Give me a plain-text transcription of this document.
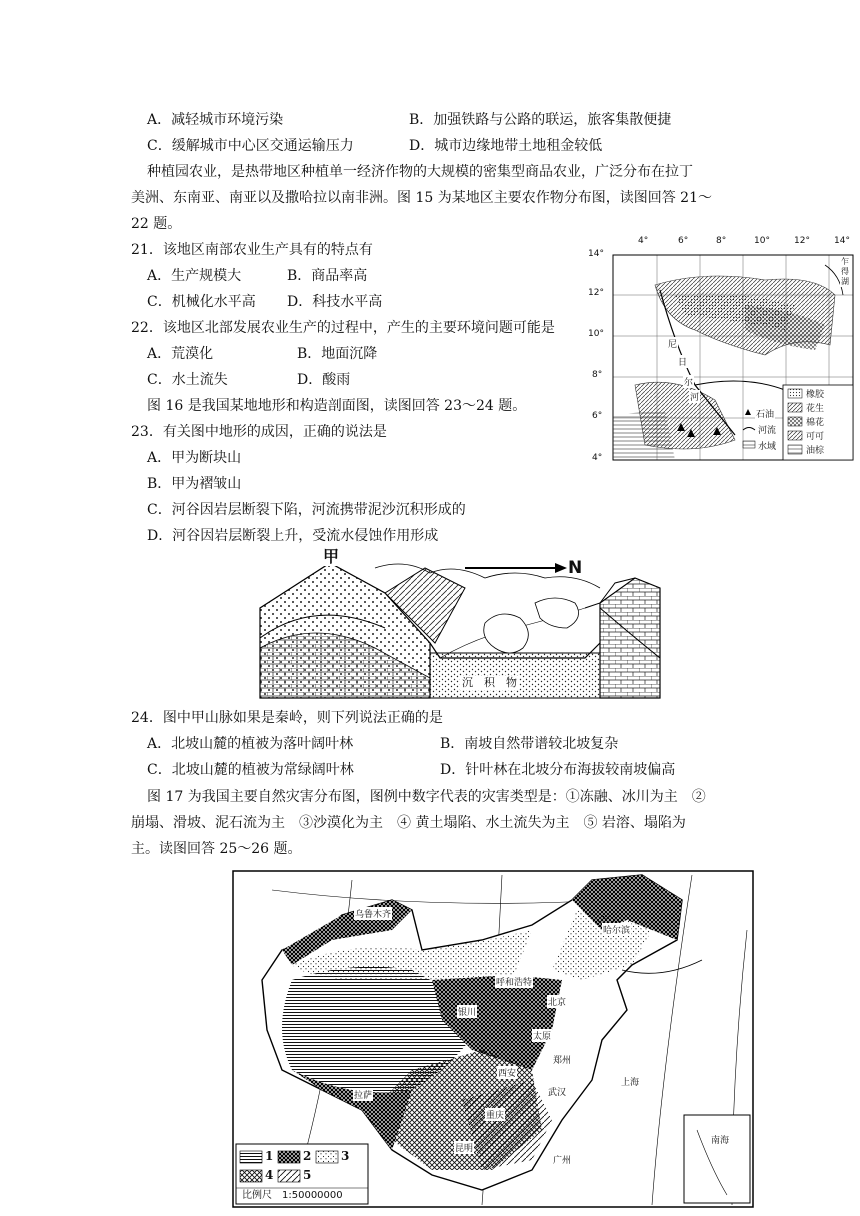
A．减轻城市环境污染	B．加强铁路与公路的联运，旅客集散便捷
C．缓解城市中心区交通运输压力	D．城市边缘地带土地租金较低
种植园农业，是热带地区种植单一经济作物的大规模的密集型商品农业，广泛分布在拉丁
美洲、东南亚、南亚以及撒哈拉以南非洲。图 15 为某地区主要农作物分布图，读图回答 21～
22 题。
21．该地区南部农业生产具有的特点有
A．生产规模大	B．商品率高
C．机械化水平高 D．科技水平高
22．该地区北部发展农业生产的过程中，产生的主要环境问题可能是
A．荒漠化	B．地面沉降
C．水土流失	D．酸雨
图 16 是我国某地地形和构造剖面图，读图回答 23～24 题。
23．有关图中地形的成因，正确的说法是
A．甲为断块山
B．甲为褶皱山
C．河谷因岩层断裂下陷，河流携带泥沙沉积形成的
D．河谷因岩层断裂上升，受流水侵蚀作用形成
4°	6°	8°	10°	12°	14°
14°
12°
10°
8°
6°
4°
乍得湖
尼
日
尔
河	橡胶
花生
棉花
可可
油棕
石油
河流
水域
甲
N
沉　积　物
24．图中甲山脉如果是秦岭，则下列说法正确的是
A．北坡山麓的植被为落叶阔叶林	B．南坡自然带谱较北坡复杂
C．北坡山麓的植被为常绿阔叶林	D．针叶林在北坡分布海拔较南坡偏高
图 17 为我国主要自然灾害分布图，图例中数字代表的灾害类型是：①冻融、冰川为主　②
崩塌、滑坡、泥石流为主　③沙漠化为主　④ 黄土塌陷、水土流失为主　⑤ 岩溶、塌陷为
主。读图回答 25～26 题。
乌鲁木齐
哈尔滨
呼和浩特
北京
银川
太原
郑州
西安
武汉
上海
拉萨
重庆
昆明
广州
南海
1 2 3
4 5
比例尺　1:50000000
